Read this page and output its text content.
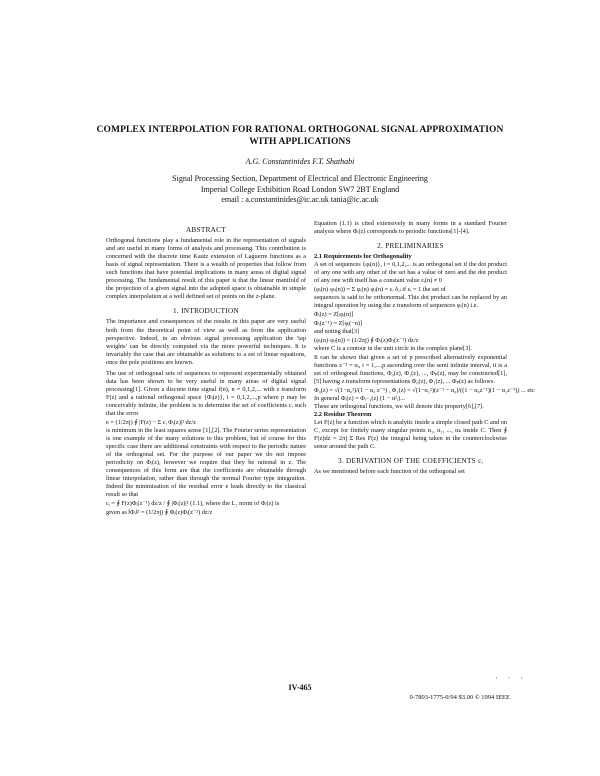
COMPLEX INTERPOLATION FOR RATIONAL ORTHOGONAL SIGNAL APPROXIMATION
WITH APPLICATIONS
A.G. Constantinides F.T. Shathabi
Signal Processing Section, Department of Electrical and Electronic Engineering
Imperial College Exhibition Road London SW7 2BT England
email : a.constantinides@ic.ac.uk tania@ic.ac.uk
ABSTRACT

Orthogonal functions play a fundamental role in the representation of signals and are useful in many forms of analysis and processing. This contribution is concerned with the discrete time Kautz extension of Laguerre functions as a basis of signal representation. There is a wealth of properties that follow from such functions that have potential implications in many areas of digital signal processing. The fundamental result of this paper is that the linear manifold of the projection of a given signal into the adopted space is obtainable in simple complex interpolation at a well defined set of points on the z-plane.

1. INTRODUCTION

The importance and consequences of the results in this paper are very useful both from the theoretical point of view as well as from the application perspective. Indeed, in an obvious signal processing application the 'tap weights' can be directly computed via the more powerful techniques. It is invariably the case that are obtainable as solutions to a set of linear equations, once the pole positions are known.

The use of orthogonal sets of sequences to represent experimentally obtained data has been shown to be very useful in many areas of digital signal processing[1]. Given a discrete time signal f(n), n = 0,1,2,... with z transform F(z) and a rational orthogonal space {Φᵢ(z)}, i = 0,1,2,...,p where p may be conceivably infinite, the problem is to determine the set of coefficients cᵢ such that the error

e = (1/2πj) ∮ |F(z) − Σ cᵢ Φᵢ(z)|² dz/z

is minimum in the least squares sense [1],[2]. The Fourier series representation is one example of the many solutions to this problem, but of course for this specific case there are additional constraints with respect to the periodic nature of the orthogonal set. For the purpose of our paper we do not impose periodicity on Φᵢ(z), however we require that they be rational in z. The consequences of this form are that the coefficients are obtainable through linear interpolation, rather than through the normal Fourier type integration. Indeed the minimisation of the residual error e leads directly to the classical result so that

cᵢ = ∮ F(z)Φᵢ(z⁻¹) dz/z / ∮ |Φᵢ(z)|² (1.1), where the L₂ norm of Φᵢ(z) is
given as ‖Φᵢ‖² = (1/2πj) ∮ Φᵢ(z)Φᵢ(z⁻¹) dz/z

Equation (1.1) is cited extensively in many forms in a standard Fourier analysis where Φᵢ(z) corresponds to periodic functions[1]-[4].

2. PRELIMINARIES
2.1 Requirements for Orthogonality

A set of sequences {φᵢ(n)}, i = 0,1,2,... is an orthogonal set if the dot product of any one with any other of the set has a value of zero and the dot product of any one with itself has a constant value εᵢ(n) ≠ 0

(φᵢ(n)·φⱼ(n)) = Σ φᵢ(n) φⱼ(n) = εᵢ δᵢⱼ if εᵢ = 1 the set of

sequences is said to be orthonormal. This dot product can be replaced by an integral operation by using the z transform of sequences φᵢ(n) i.e.

Φᵢ(z) = Z[φᵢ(n)]
Φᵢ(z⁻¹) = Z[φᵢ(−n)]

and noting that[3]

(φᵢ(n)·φⱼ(n)) = (1/2πj) ∮ Φᵢ(z)Φⱼ(z⁻¹) dz/z

where C is a contour in the unit circle in the complex plane[3].

It can be shown that given a set of p prescribed alternatively exponential functions z⁻¹ = αᵢ, i = 1,...,p ascending over the semi infinite interval, it is a set of orthogonal functions, Φ₀(z), Φ₁(z), ..., Φₚ(z), may be constructed[1],[5] having z transform representations Φ₀(z), Φ₁(z), ... Φₚ(z) as follows.

Φ₀(z) = √(1−α₀²)/(1 − α₀ z⁻¹) , Φ₁(z) = √(1−α₁²)(z⁻¹ − α₀)/((1 − α₀z⁻¹)(1 − α₁z⁻¹)) ... etc

In general Φᵢ(z) = Φᵢ₋₁(z) (1 − α²ᵢ)...

These are orthogonal functions, we will denote this property[6],[7].

2.2 Residue Theorem

Let F(z) be a function which is analytic inside a simple closed path C and on C, except for finitely many singular points α₁, α₂, ..., αₖ inside C. Then ∮ F(z)dz = 2πj Σ Res F(z) the integral being taken in the counterclockwise sense around the path C.

3. DERIVATION OF THE COEFFICIENTS cᵢ

As we mentioned before each function of the orthogonal set

· · ·
IV-465
0-7803-1775-0/94 $3.00 © 1994 IEEE
